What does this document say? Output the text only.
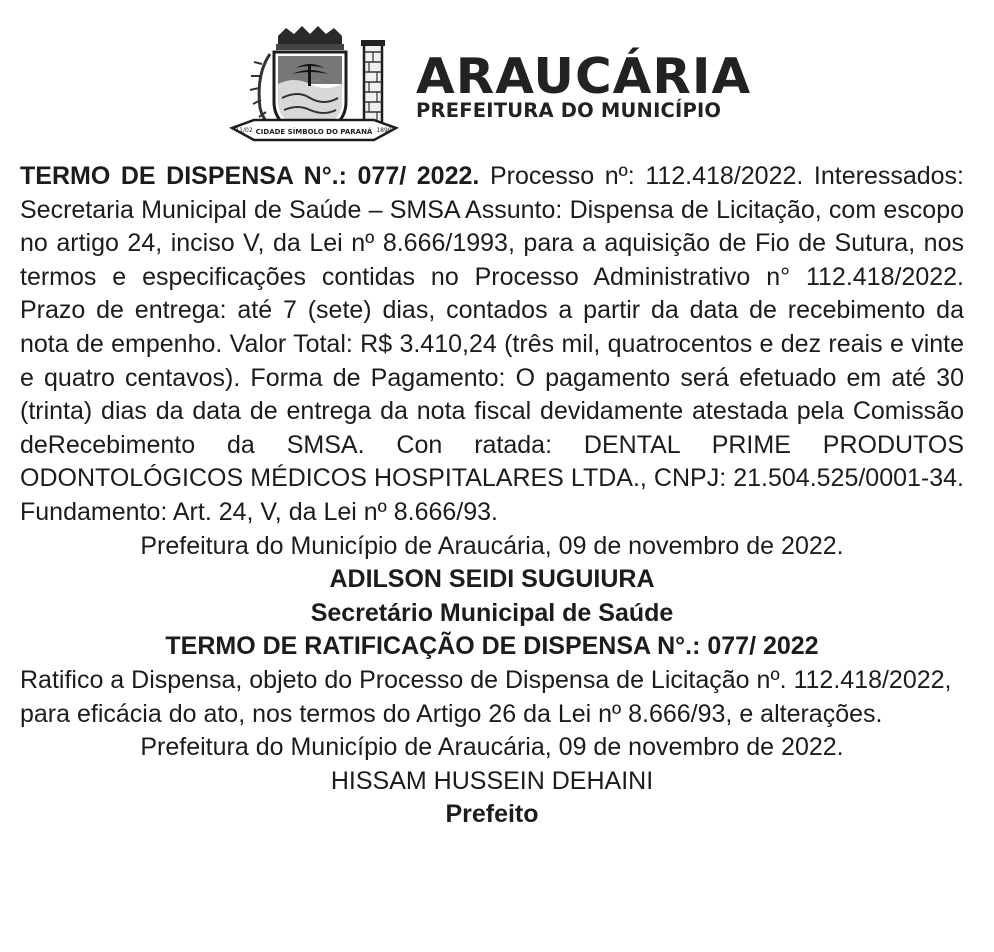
CIDADE SÍMBOLO DO PARANÁ
11/02	1890
ARAUCÁRIA
PREFEITURA DO MUNICÍPIO

TERMO DE DISPENSA N°.: 077/ 2022. Processo nº: 112.418/2022. Interessados: Secretaria Municipal de Saúde – SMSA Assunto: Dispensa de Licitação, com escopo no artigo 24, inciso V, da Lei nº 8.666/1993, para a aquisição de Fio de Sutura, nos termos e especificações contidas no Processo Administrativo n° 112.418/2022. Prazo de entrega: até 7 (sete) dias, contados a partir da data de recebimento da nota de empenho. Valor Total: R$ 3.410,24 (três mil, quatrocentos e dez reais e vinte e quatro centavos). Forma de Pagamento: O pagamento será efetuado em até 30 (trinta) dias da data de entrega da nota fiscal devidamente atestada pela Comissão deRecebimento da SMSA. Con ratada: DENTAL PRIME PRODUTOS ODONTOLÓGICOS MÉDICOS HOSPITALARES LTDA., CNPJ: 21.504.525/0001-34. Fundamento: Art. 24, V, da Lei nº 8.666/93.

Prefeitura do Município de Araucária, 09 de novembro de 2022.

ADILSON SEIDI SUGUIURA

Secretário Municipal de Saúde

TERMO DE RATIFICAÇÃO DE DISPENSA N°.: 077/ 2022

Ratifico a Dispensa, objeto do Processo de Dispensa de Licitação nº. 112.418/2022, para eficácia do ato, nos termos do Artigo 26 da Lei nº 8.666/93, e alterações.

Prefeitura do Município de Araucária, 09 de novembro de 2022.

HISSAM HUSSEIN DEHAINI

Prefeito
